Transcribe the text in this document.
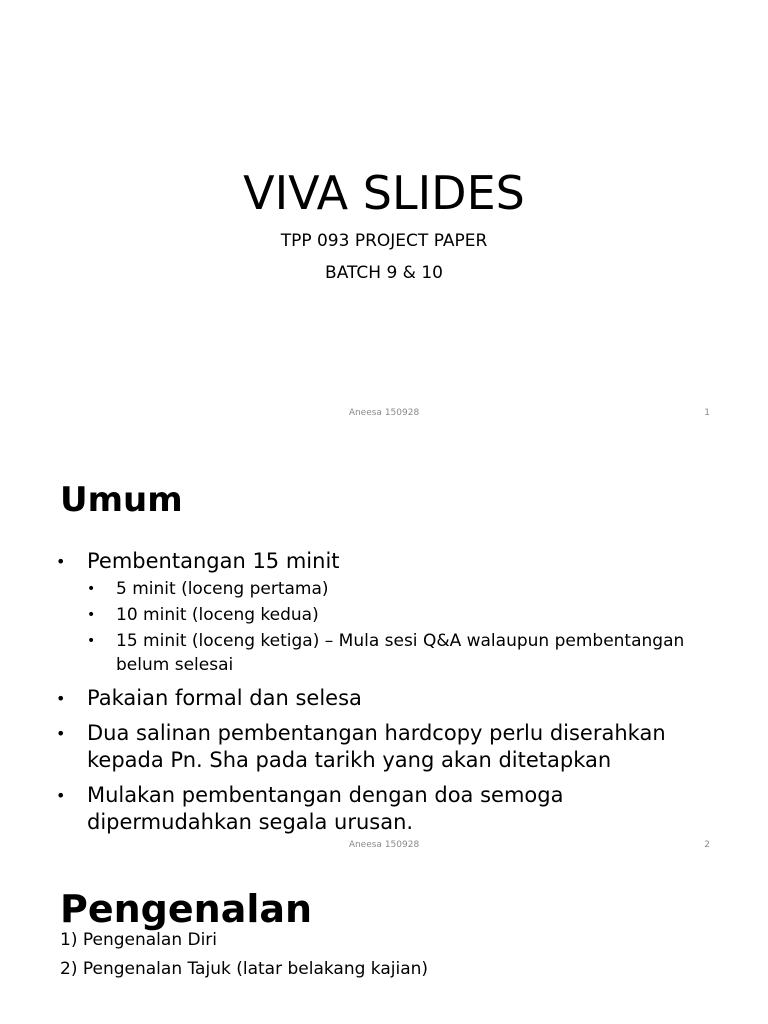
VIVA SLIDES
TPP 093 PROJECT PAPER
BATCH 9 & 10
Aneesa 150928	1
Umum
• Pembentangan 15 minit
• 5 minit (loceng pertama)
• 10 minit (loceng kedua)
• 15 minit (loceng ketiga) – Mula sesi Q&A walaupun pembentangan belum selesai
• Pakaian formal dan selesa
• Dua salinan pembentangan hardcopy perlu diserahkan kepada Pn. Sha pada tarikh yang akan ditetapkan
• Mulakan pembentangan dengan doa semoga dipermudahkan segala urusan.
Aneesa 150928	2
Pengenalan
1) Pengenalan Diri
2) Pengenalan Tajuk (latar belakang kajian)
